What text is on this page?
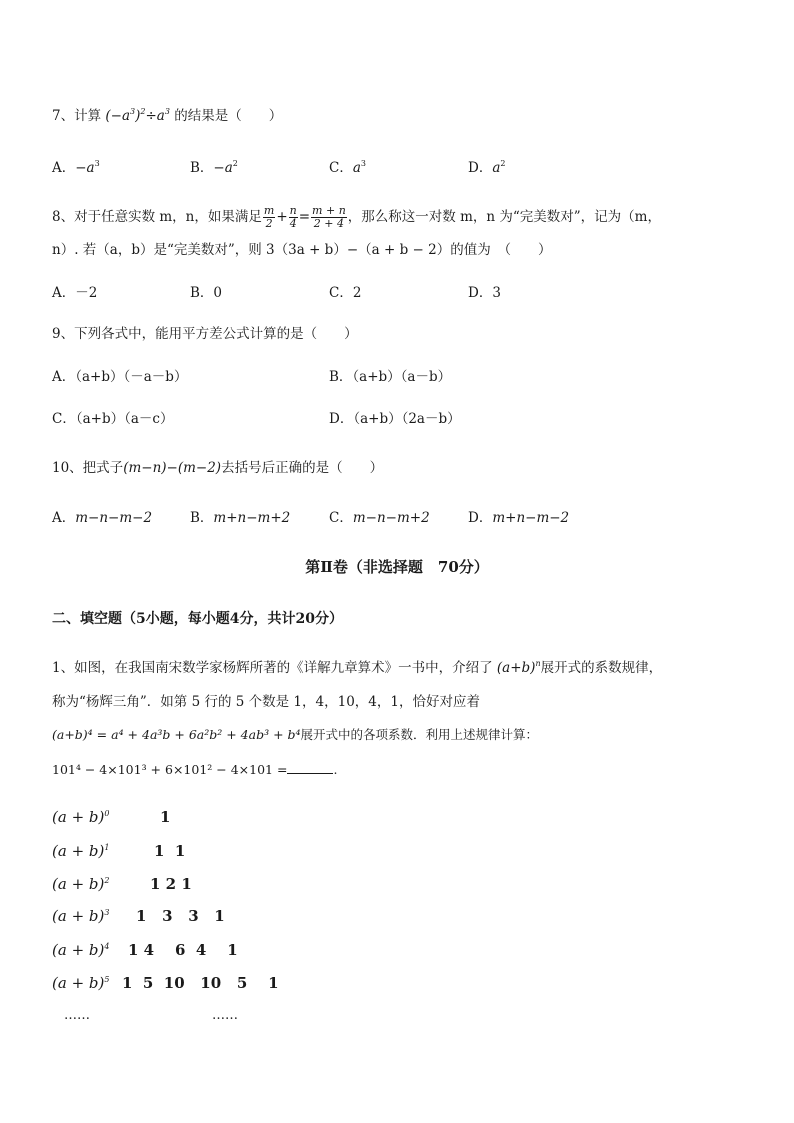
7、计算 $(-a^3)^2\div a^3$ 的结果是（　　）
A．$-a^3$	B．$-a^2$	C．$a^3$	D．$a^2$
8、对于任意实数 m，n，如果满足 $\frac{m}{2} + \frac{n}{4} = \frac{m + n}{2 + 4}$ ，那么称这一对数 m，n 为“完美数对”，记为（m，
n）. 若（a，b）是“完美数对”，则 3（3a + b）−（a + b − 2）的值为　（　　）
A．－2	B．0	C．2	D．3
9、下列各式中，能用平方差公式计算的是（　　）
A．（a+b）（－a－b）	B．（a+b）（a－b）
C．（a+b）（a－c）	D．（a+b）（2a－b）
10、把式子(m−n)−(m−2)去括号后正确的是（　　）
A．m−n−m−2	B．m+n−m+2	C．m−n−m+2	D．m+n−m−2
第Ⅱ卷（非选择题　70分）
二、填空题（5小题，每小题4分，共计20分）
1、如图，在我国南宋数学家杨辉所著的《详解九章算术》一书中，介绍了 $(a+b)^n$展开式的系数规律，
称为“杨辉三角”．如第 5 行的 5 个数是 1，4，10，4，1，恰好对应着
(a+b)⁴ = a⁴ + 4a³b + 6a²b² + 4ab³ + b⁴展开式中的各项系数．利用上述规律计算：
101⁴ − 4×101³ + 6×101² − 4×101 =	.
$(a + b)^0$	1
$(a + b)^1$	1  1
$(a + b)^2$	1 2 1
$(a + b)^3$ 1   3   3   1
$(a + b)^4$ 1 4    6  4    1
$(a + b)^5$ 1  5  10   10   5    1
……	……
